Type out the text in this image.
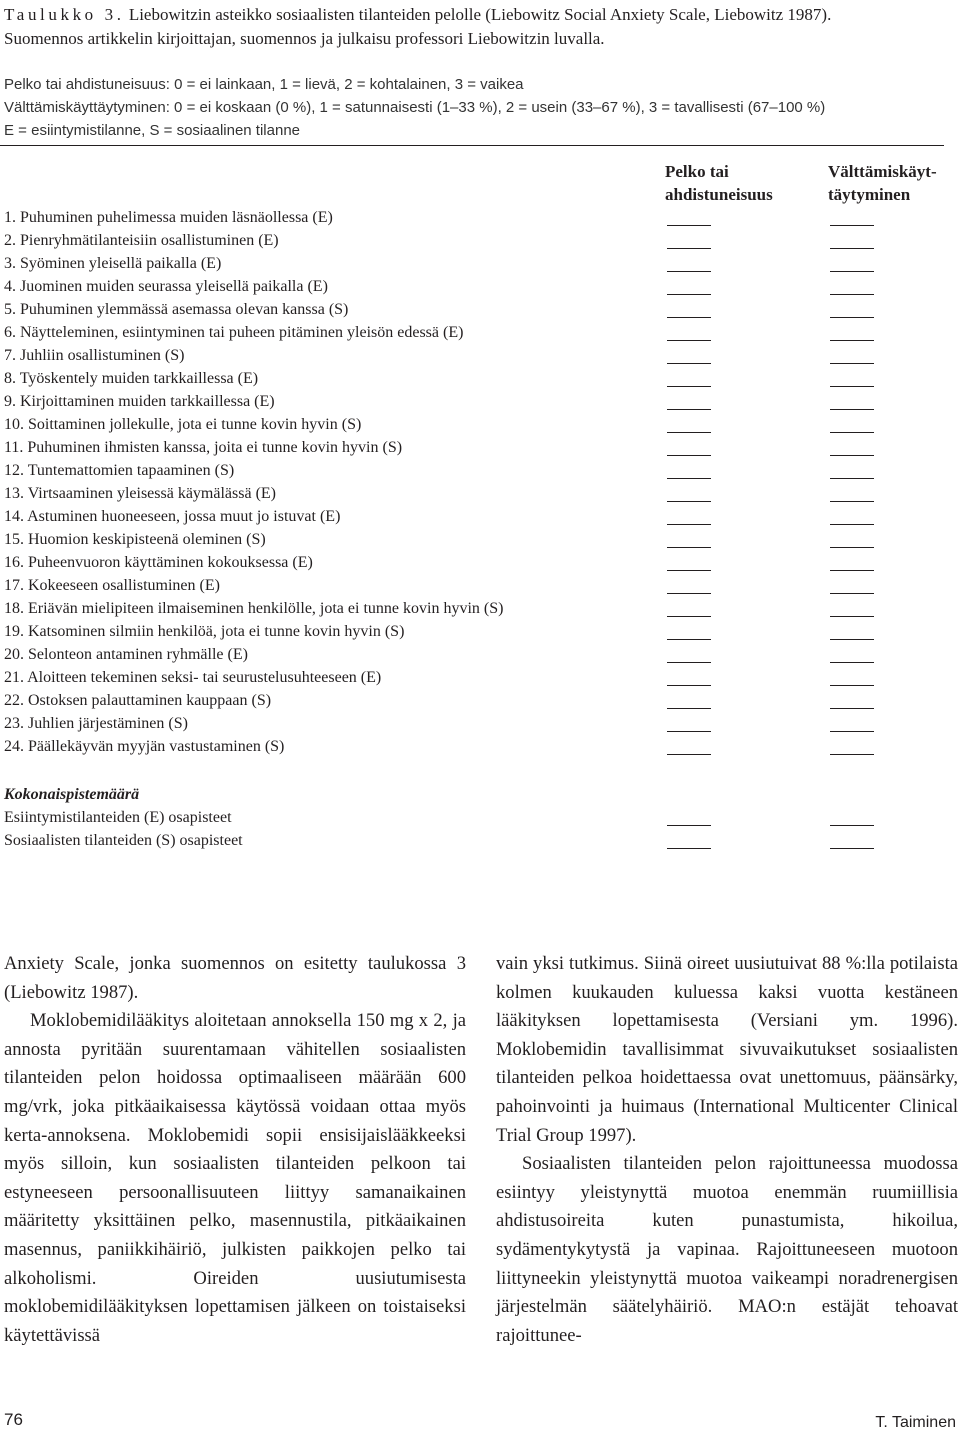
Taulukko 3. Liebowitzin asteikko sosiaalisten tilanteiden pelolle (Liebowitz Social Anxiety Scale, Liebowitz 1987).
Suomennos artikkelin kirjoittajan, suomennos ja julkaisu professori Liebowitzin luvalla.
Pelko tai ahdistuneisuus: 0 = ei lainkaan, 1 = lievä, 2 = kohtalainen, 3 = vaikea
Välttämiskäyttäytyminen: 0 = ei koskaan (0 %), 1 = satunnaisesti (1–33 %), 2 = usein (33–67 %), 3 = tavallisesti (67–100 %)
E = esiintymistilanne, S = sosiaalinen tilanne
Pelko tai
ahdistuneisuus
Välttämiskäyt-
täytyminen
1. Puhuminen puhelimessa muiden läsnäollessa (E)
2. Pienryhmätilanteisiin osallistuminen (E)
3. Syöminen yleisellä paikalla (E)
4. Juominen muiden seurassa yleisellä paikalla (E)
5. Puhuminen ylemmässä asemassa olevan kanssa (S)
6. Näytteleminen, esiintyminen tai puheen pitäminen yleisön edessä (E)
7. Juhliin osallistuminen (S)
8. Työskentely muiden tarkkaillessa (E)
9. Kirjoittaminen muiden tarkkaillessa (E)
10. Soittaminen jollekulle, jota ei tunne kovin hyvin (S)
11. Puhuminen ihmisten kanssa, joita ei tunne kovin hyvin (S)
12. Tuntemattomien tapaaminen (S)
13. Virtsaaminen yleisessä käymälässä (E)
14. Astuminen huoneeseen, jossa muut jo istuvat (E)
15. Huomion keskipisteenä oleminen (S)
16. Puheenvuoron käyttäminen kokouksessa (E)
17. Kokeeseen osallistuminen (E)
18. Eriävän mielipiteen ilmaiseminen henkilölle, jota ei tunne kovin hyvin (S)
19. Katsominen silmiin henkilöä, jota ei tunne kovin hyvin (S)
20. Selonteon antaminen ryhmälle (E)
21. Aloitteen tekeminen seksi- tai seurustelusuhteeseen (E)
22. Ostoksen palauttaminen kauppaan (S)
23. Juhlien järjestäminen (S)
24. Päällekäyvän myyjän vastustaminen (S)
Kokonaispistemäärä
Esiintymistilanteiden (E) osapisteet
Sosiaalisten tilanteiden (S) osapisteet

Anxiety Scale, jonka suomennos on esitetty taulukossa 3 (Liebowitz 1987).

Moklobemidilääkitys aloitetaan annoksella 150 mg x 2, ja annosta pyritään suurentamaan vähitellen sosiaalisten tilanteiden pelon hoidossa optimaaliseen määrään 600 mg/vrk, joka pitkäaikaisessa käytössä voidaan ottaa myös kerta-annoksena. Moklobemidi sopii ensisijaislääkkeeksi myös silloin, kun sosiaalisten tilanteiden pelkoon tai estyneeseen persoonallisuuteen liittyy samanaikainen määritetty yksittäinen pelko, masennustila, pitkäaikainen masennus, paniikkihäiriö, julkisten paikkojen pelko tai alkoholismi. Oireiden uusiutumisesta moklobemidilääkityksen lopettamisen jälkeen on toistaiseksi käytettävissä

vain yksi tutkimus. Siinä oireet uusiutuivat 88 %:lla potilaista kolmen kuukauden kuluessa kaksi vuotta kestäneen lääkityksen lopettamisesta (Versiani ym. 1996). Moklobemidin tavallisimmat sivuvaikutukset sosiaalisten tilanteiden pelkoa hoidettaessa ovat unettomuus, päänsärky, pahoinvointi ja huimaus (International Multicenter Clinical Trial Group 1997).

Sosiaalisten tilanteiden pelon rajoittuneessa muodossa esiintyy yleistynyttä muotoa enemmän ruumiillisia ahdistusoireita kuten punastumista, hikoilua, sydämentykytystä ja vapinaa. Rajoittuneeseen muotoon liittyneekin yleistynyttä muotoa vaikeampi noradrenergisen järjestelmän säätelyhäiriö. MAO:n estäjät tehoavat rajoittunee-

76	T. Taiminen
